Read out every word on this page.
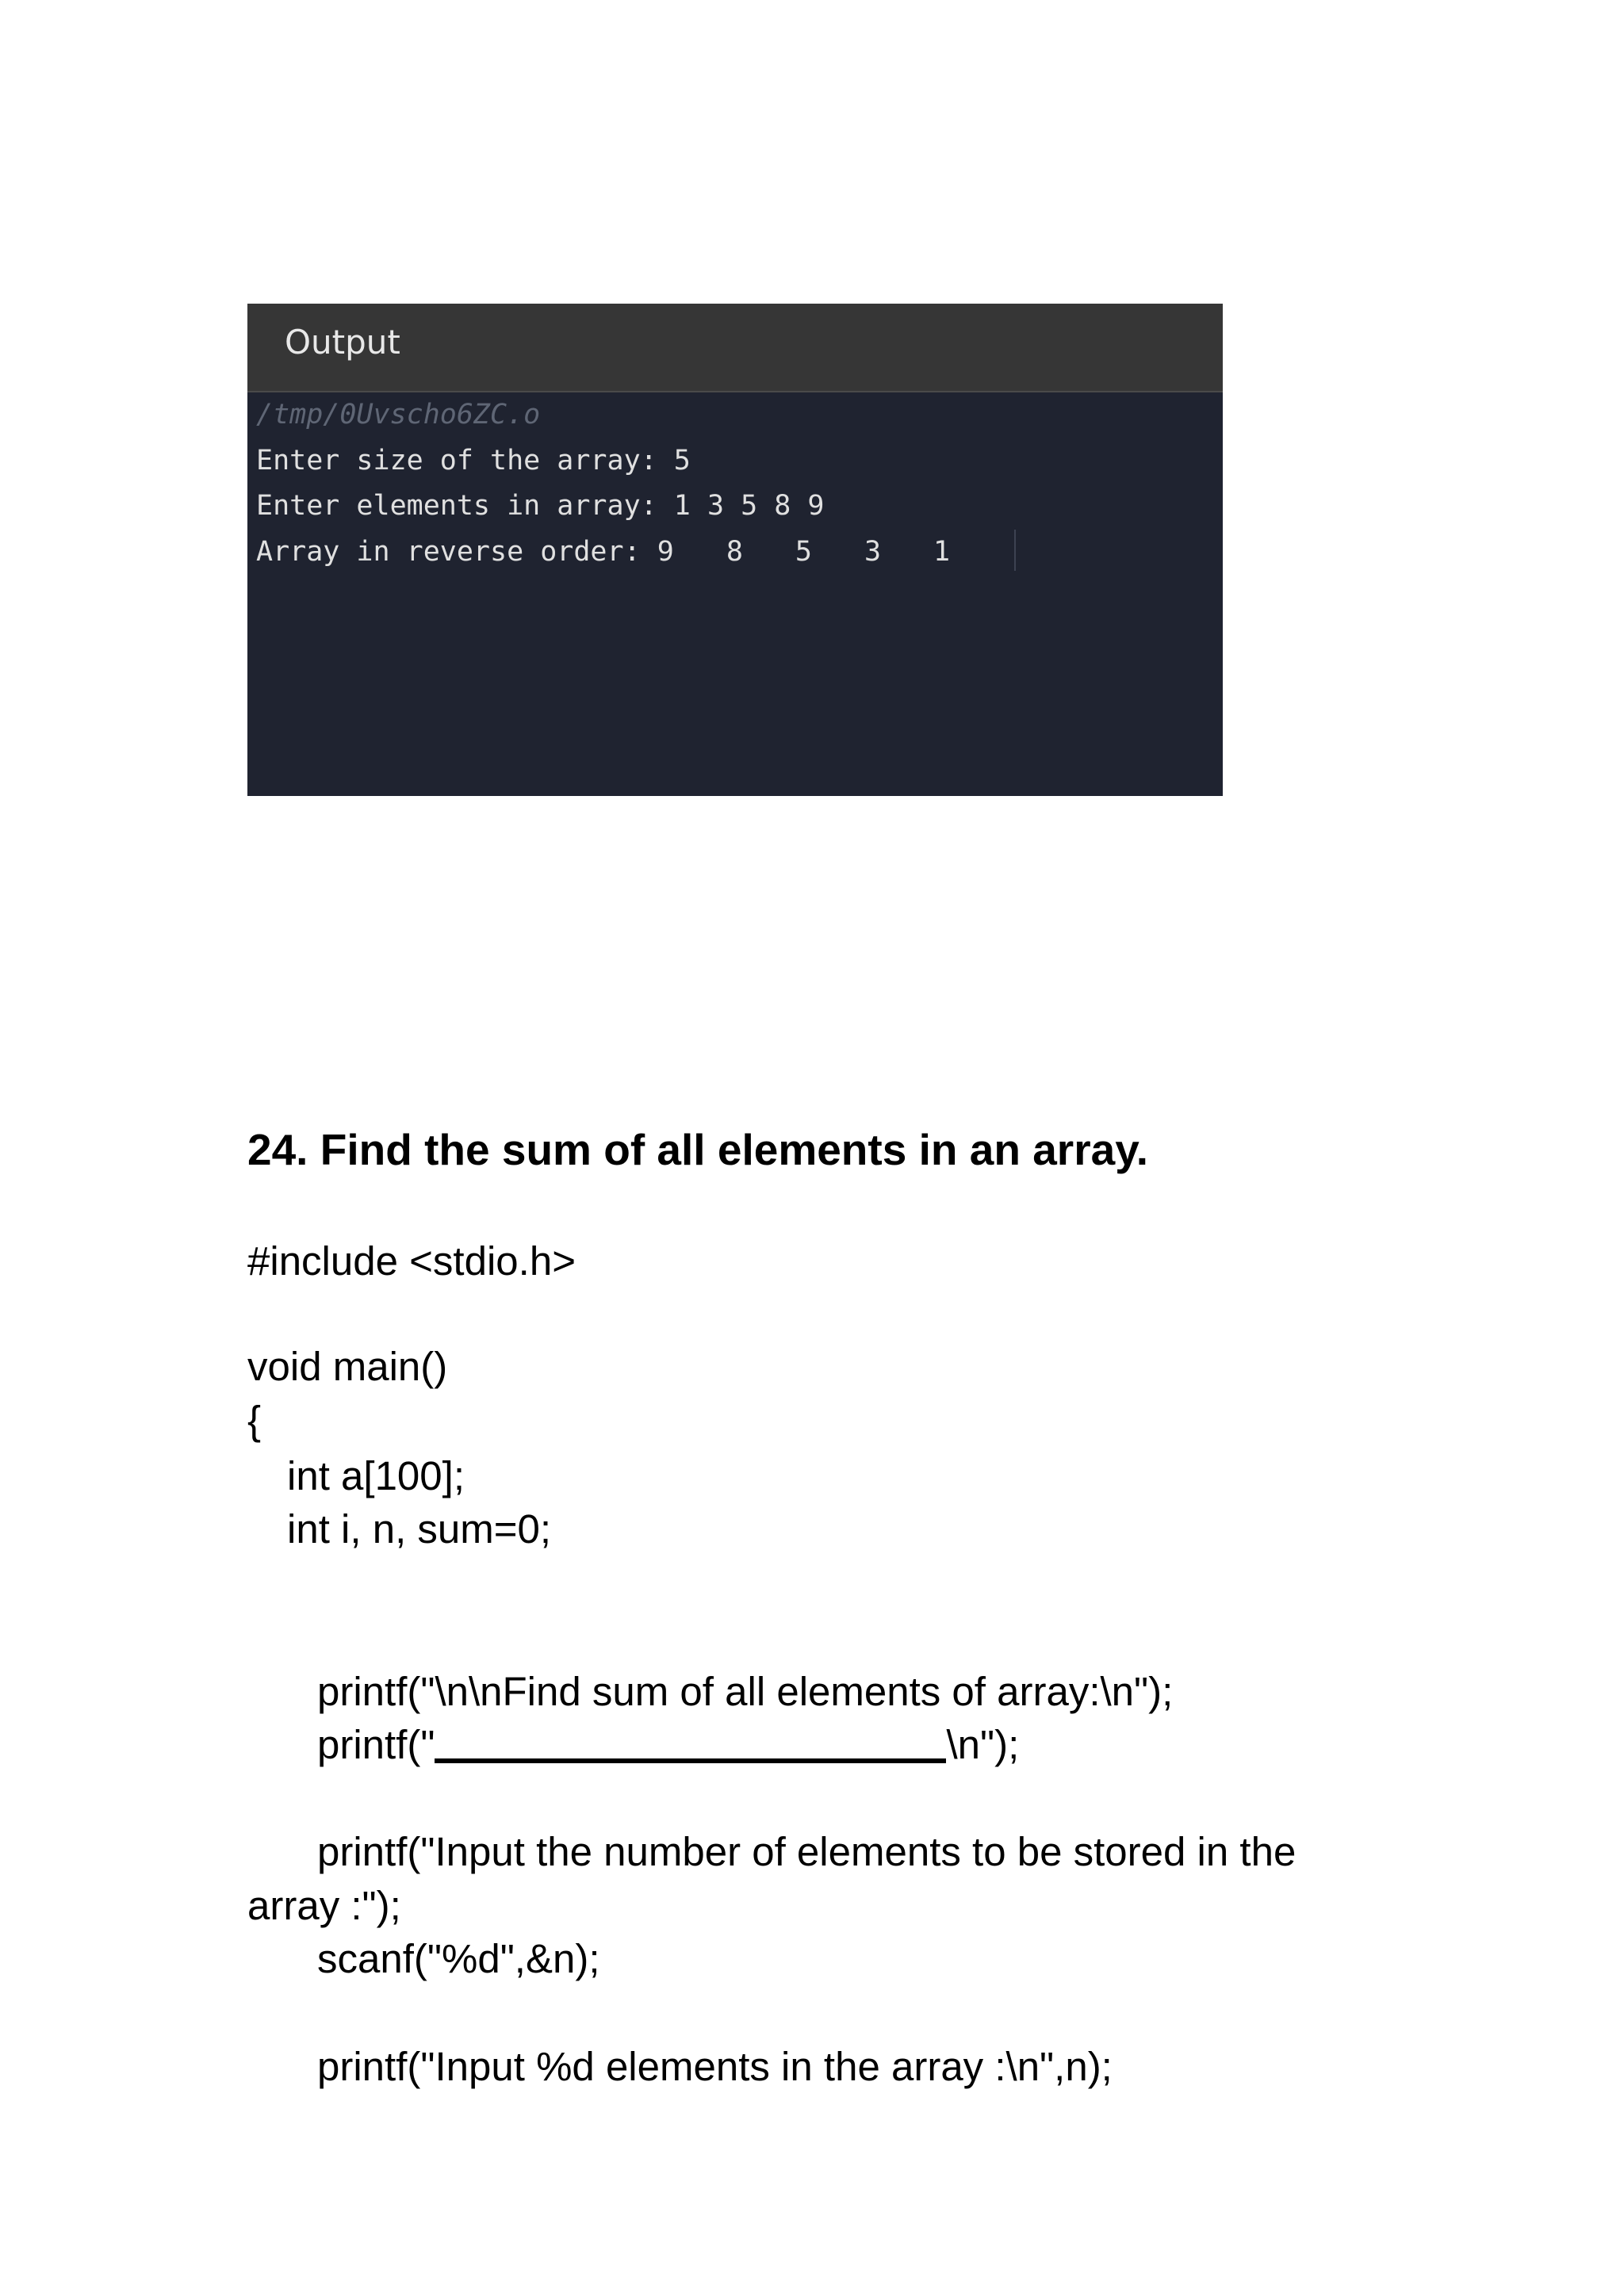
Output
/tmp/0Uvscho6ZC.o
Enter size of the array: 5
Enter elements in array: 1 3 5 8 9
Array in reverse order: 9 8 5 3 1
24. Find the sum of all elements in an array.
#include <stdio.h>
void main()
{
int a[100];
int i, n, sum=0;
printf("\n\nFind sum of all elements of array:\n");
printf("	\n");
printf("Input the number of elements to be stored in the
array :");
scanf("%d",&n);
printf("Input %d elements in the array :\n",n);
